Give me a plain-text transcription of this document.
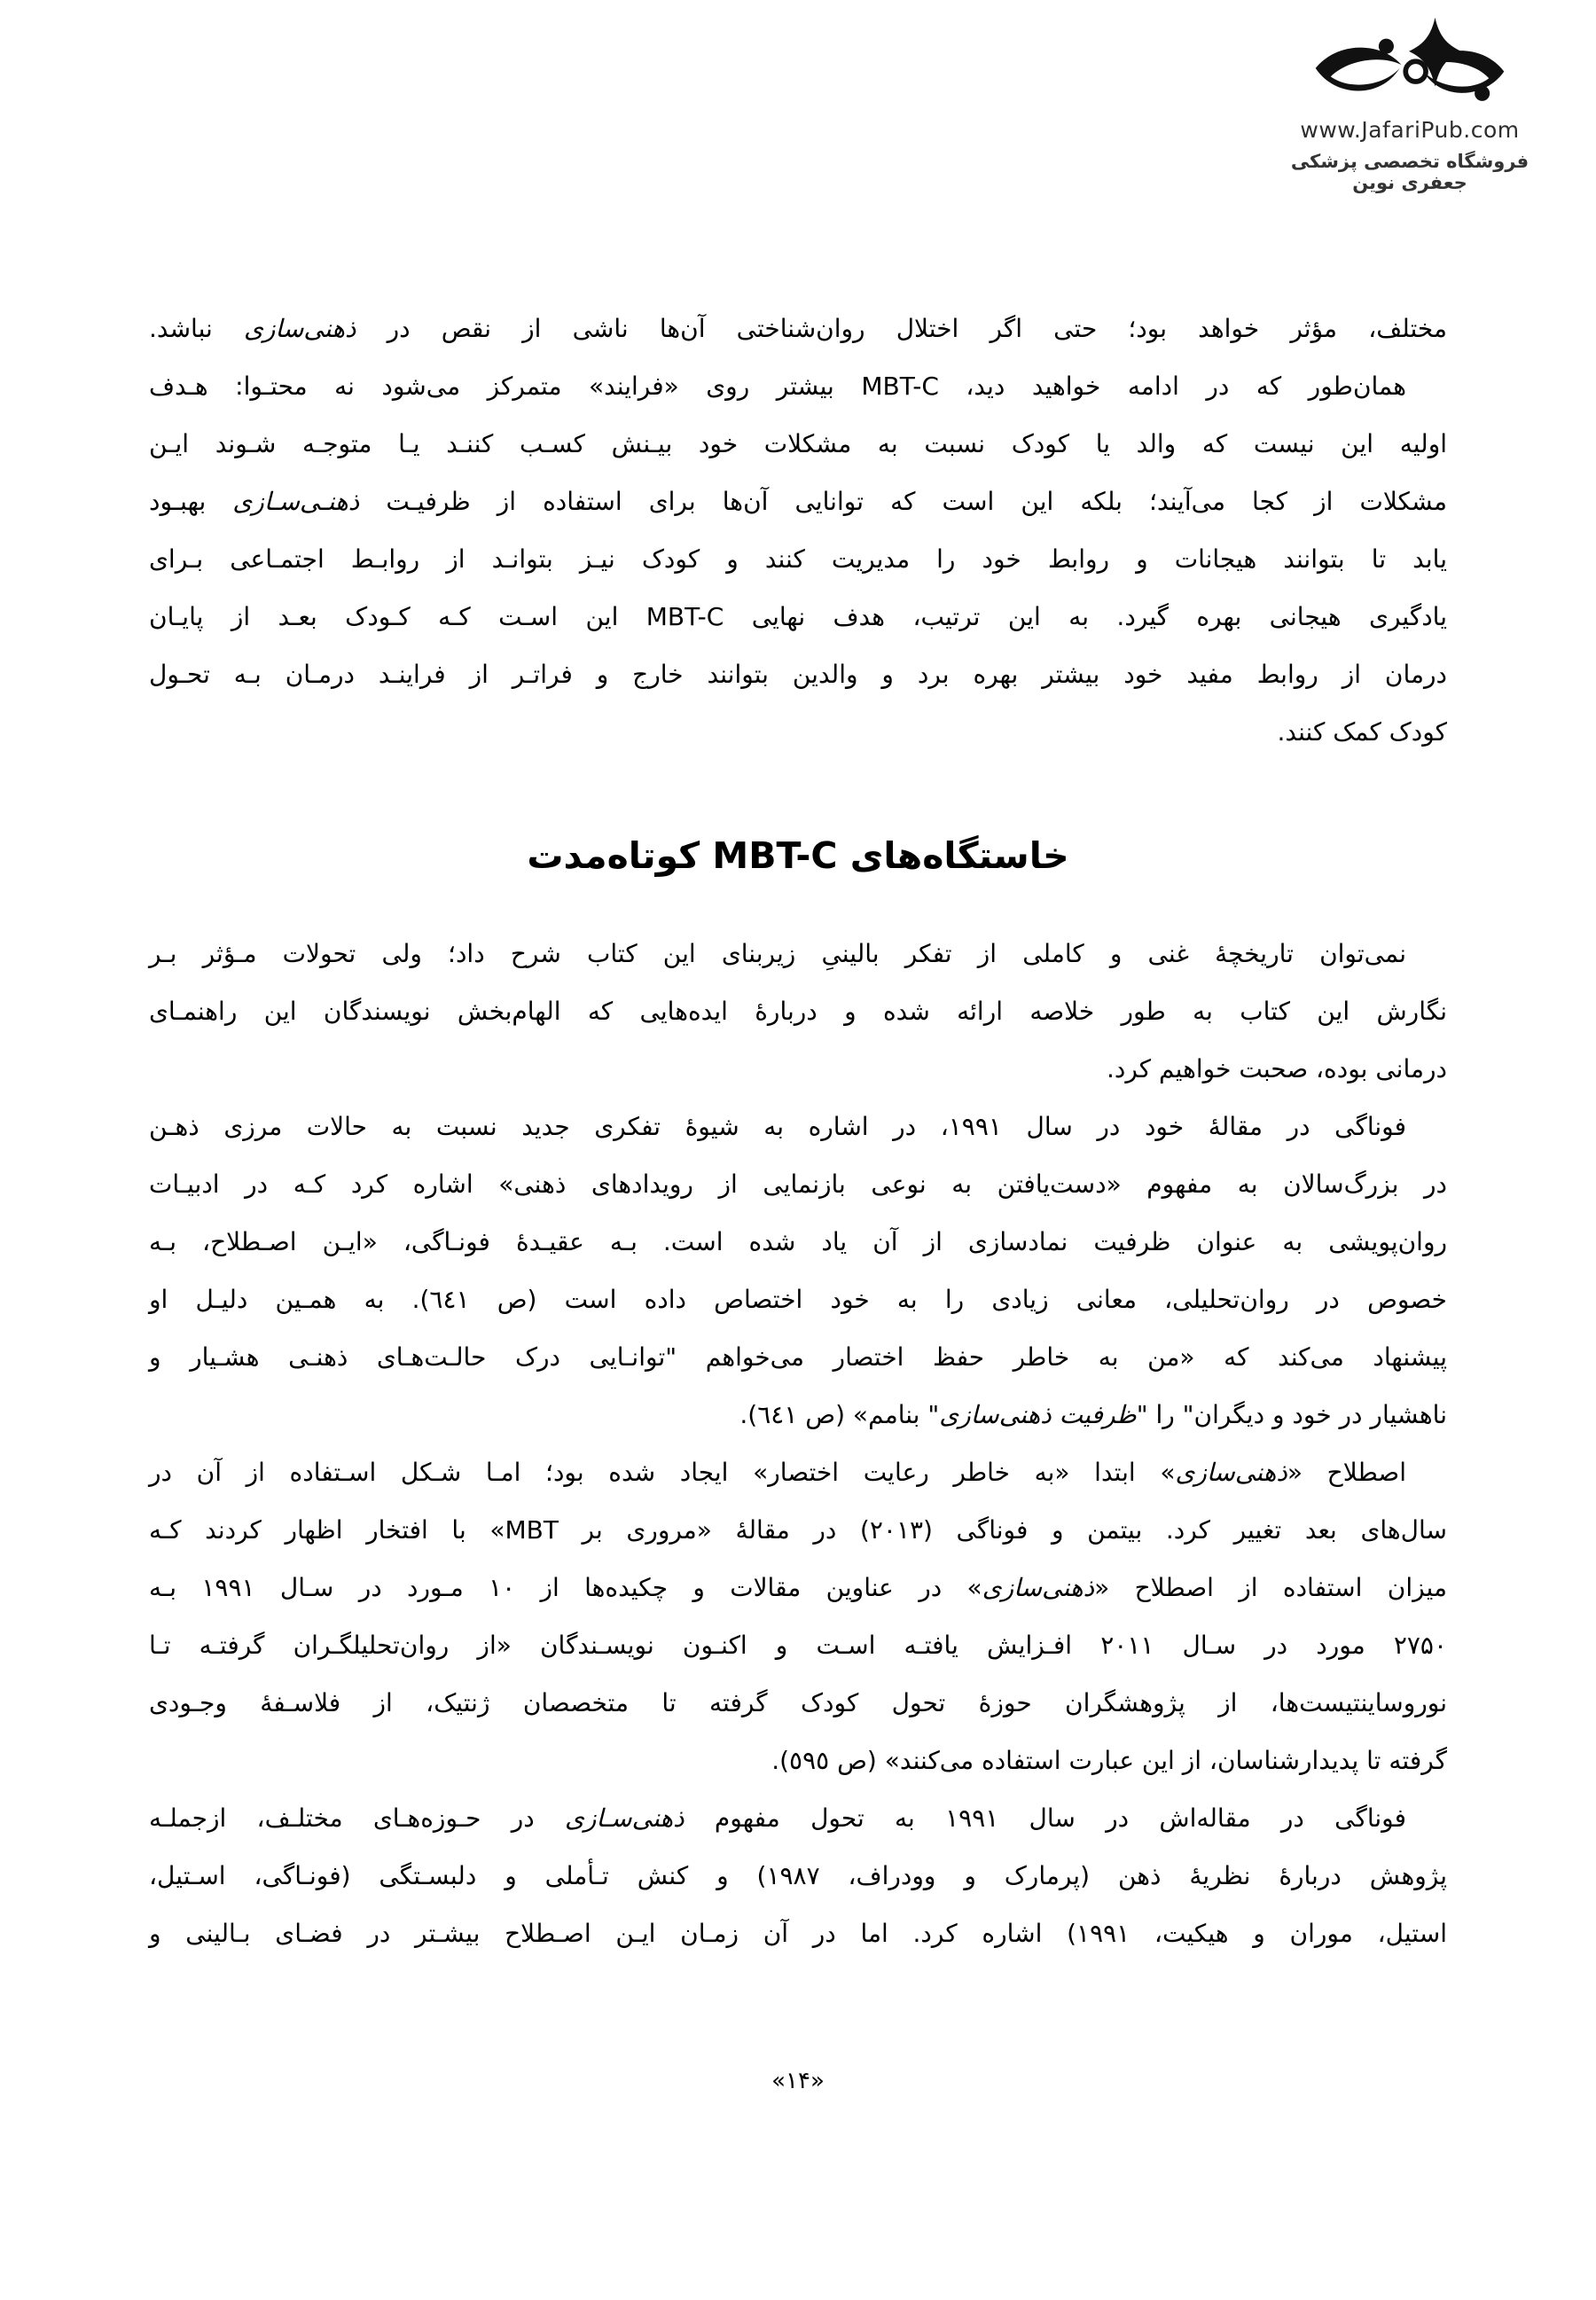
www.JafariPub.com
فروشگاه تخصصی پزشکی جعفری نوین
مختلف، مؤثر خواهد بود؛ حتی اگر اختلال روان‌شناختی آن‌ها ناشی از نقص در ذهنی‌سازی نباشد.
همان‌طور که در ادامه خواهید دید، MBT-C بیشتر روی «فرایند» متمرکز می‌شود نه محتـوا: هـدف
اولیه این نیست که والد یا کودک نسبت به مشکلات خود بیـنش کسـب کننـد یـا متوجـه شـوند ایـن
مشکلات از کجا می‌آیند؛ بلکه این است که توانایی آن‌ها برای استفاده از ظرفیـت ذهنـی‌سـازی بهبـود
یابد تا بتوانند هیجانات و روابط خود را مدیریت کنند و کودک نیـز بتوانـد از روابـط اجتمـاعی بـرای
یادگیری هیجانی بهره گیرد. به این ترتیب، هدف نهایی MBT-C این اسـت کـه کـودک بعـد از پایـان
درمان از روابط مفید خود بیشتر بهره برد و والدین بتوانند خارج و فراتـر از فراینـد درمـان بـه تحـول
کودک کمک کنند.
خاستگاه‌های MBT-C کوتاه‌مدت
نمی‌توان تاریخچهٔ غنی و کاملی از تفکر بالینیِ زیربنای این کتاب شرح داد؛ ولی تحولات مـؤثر بـر
نگارش این کتاب به طور خلاصه ارائه شده و دربارهٔ ایده‌هایی که الهام‌بخش نویسندگان این راهنمـای
درمانی بوده، صحبت خواهیم کرد.
فوناگی در مقالهٔ خود در سال ۱۹۹۱، در اشاره به شیوهٔ تفکری جدید نسبت به حالات مرزی ذهـن
در بزرگ‌سالان به مفهوم «دست‌یافتن به نوعی بازنمایی از رویدادهای ذهنی» اشاره کرد کـه در ادبیـات
روان‌پویشی به عنوان ظرفیت نمادسازی از آن یاد شده است. بـه عقیـدهٔ فونـاگی، «ایـن اصـطلاح، بـه
خصوص در روان‌تحلیلی، معانی زیادی را به خود اختصاص داده است (ص ٦٤١). به همـین دلیـل او
پیشنهاد می‌کند که «من به خاطر حفظ اختصار می‌خواهم "توانـایی درک حالـت‌هـای ذهنـی هشـیار و
ناهشیار در خود و دیگران" را "ظرفیت ذهنی‌سازی" بنامم» (ص ٦٤١).
اصطلاح «ذهنی‌سازی» ابتدا «به خاطر رعایت اختصار» ایجاد شده بود؛ امـا شـکل اسـتفاده از آن در
سال‌های بعد تغییر کرد. بیتمن و فوناگی (۲۰۱۳) در مقالهٔ «مروری بر MBT» با افتخار اظهار کردند کـه
میزان استفاده از اصطلاح «ذهنی‌سازی» در عناوین مقالات و چکیده‌ها از ۱۰ مـورد در سـال ۱۹۹۱ بـه
۲۷۵۰ مورد در سـال ۲۰۱۱ افـزایش یافتـه اسـت و اکنـون نویسـندگان «از روان‌تحلیلگـران گرفتـه تـا
نوروساینتیست‌ها، از پژوهشگران حوزهٔ تحول کودک گرفته تا متخصصان ژنتیک، از فلاسـفهٔ وجـودی
گرفته تا پدیدارشناسان، از این عبارت استفاده می‌کنند» (ص ٥٩٥).
فوناگی در مقاله‌اش در سال ۱۹۹۱ به تحول مفهوم ذهنی‌سـازی در حـوزه‌هـای مختلـف، ازجملـه
پژوهش دربارهٔ نظریهٔ ذهن (پرمارک و وودراف، ۱۹۸۷) و کنش تـأملی و دلبسـتگی (فونـاگی، اسـتیل،
استیل، موران و هیکیت، ۱۹۹۱) اشاره کرد. اما در آن زمـان ایـن اصـطلاح بیشـتر در فضـای بـالینی و
«۱۴»
